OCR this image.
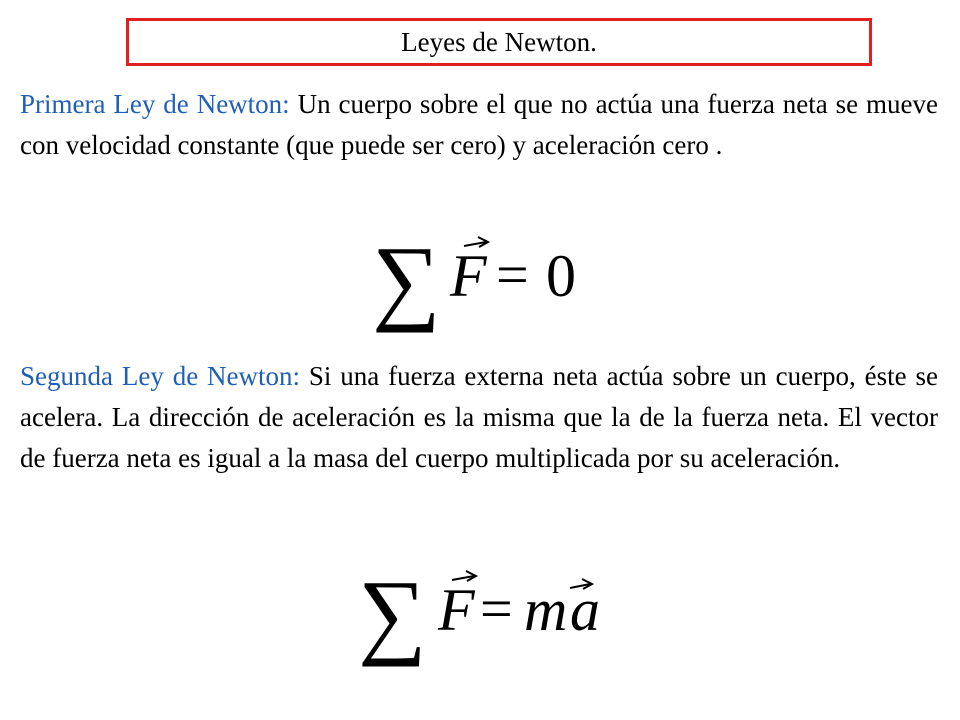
Leyes de Newton.

Primera Ley de Newton: Un cuerpo sobre el que no actúa una fuerza neta se mueve con velocidad constante (que puede ser cero) y aceleración cero .

∑ F = 0

Segunda Ley de Newton: Si una fuerza externa neta actúa sobre un cuerpo, éste se acelera. La dirección de aceleración es la misma que la de la fuerza neta. El vector de fuerza neta es igual a la masa del cuerpo multiplicada por su aceleración.

∑ F = m a
